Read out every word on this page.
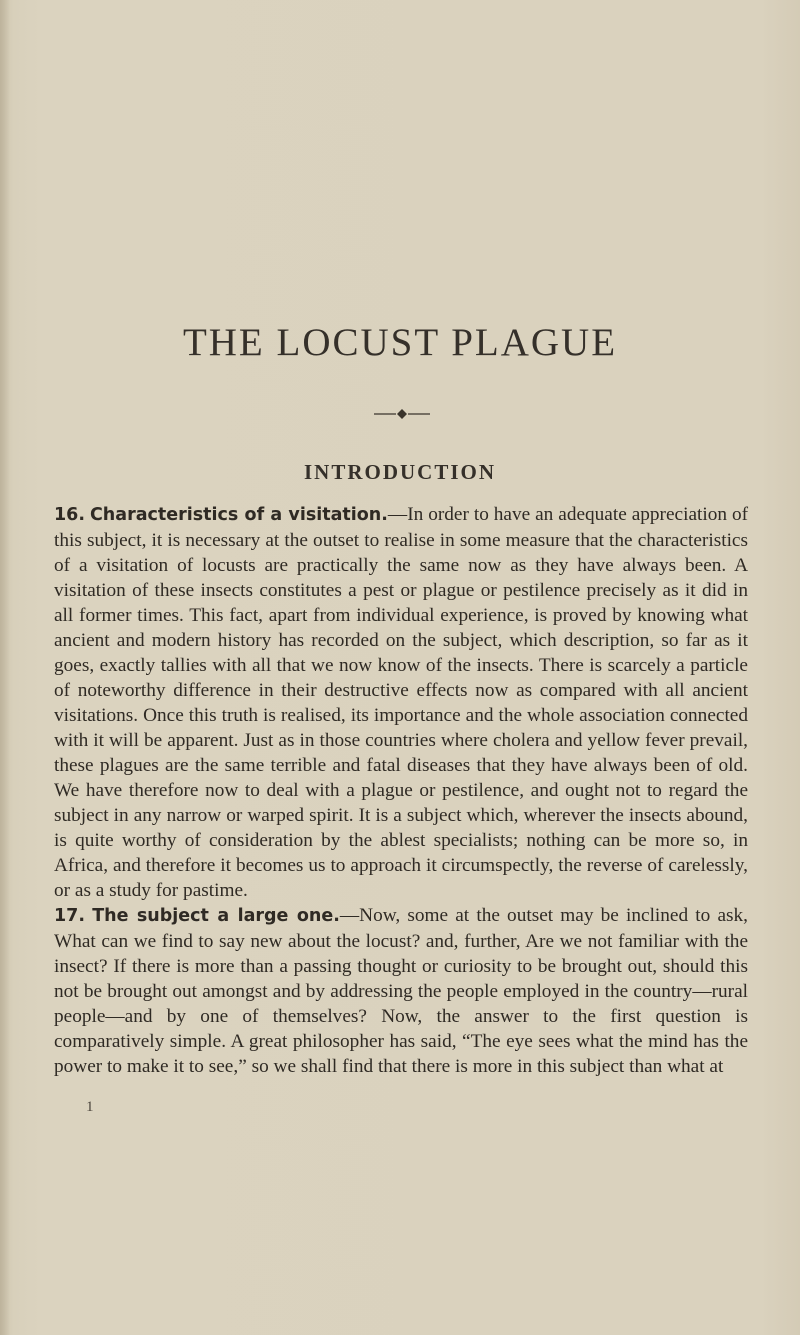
THE LOCUST PLAGUE
INTRODUCTION

16. Characteristics of a visitation.—In order to have an adequate appreciation of this subject, it is necessary at the outset to realise in some measure that the characteristics of a visitation of locusts are practically the same now as they have always been. A visitation of these insects constitutes a pest or plague or pestilence precisely as it did in all former times. This fact, apart from individual experience, is proved by knowing what ancient and modern history has recorded on the subject, which description, so far as it goes, exactly tallies with all that we now know of the insects. There is scarcely a particle of noteworthy difference in their destructive effects now as compared with all ancient visitations. Once this truth is realised, its importance and the whole association connected with it will be apparent. Just as in those countries where cholera and yellow fever prevail, these plagues are the same terrible and fatal diseases that they have always been of old. We have therefore now to deal with a plague or pestilence, and ought not to regard the subject in any narrow or warped spirit. It is a subject which, wherever the insects abound, is quite worthy of consideration by the ablest specialists; nothing can be more so, in Africa, and therefore it becomes us to approach it circumspectly, the reverse of carelessly, or as a study for pastime.

17. The subject a large one.—Now, some at the outset may be inclined to ask, What can we find to say new about the locust? and, further, Are we not familiar with the insect? If there is more than a passing thought or curiosity to be brought out, should this not be brought out amongst and by addressing the people employed in the country—rural people—and by one of themselves? Now, the answer to the first question is comparatively simple. A great philosopher has said, “The eye sees what the mind has the power to make it to see,” so we shall find that there is more in this subject than what at

1
